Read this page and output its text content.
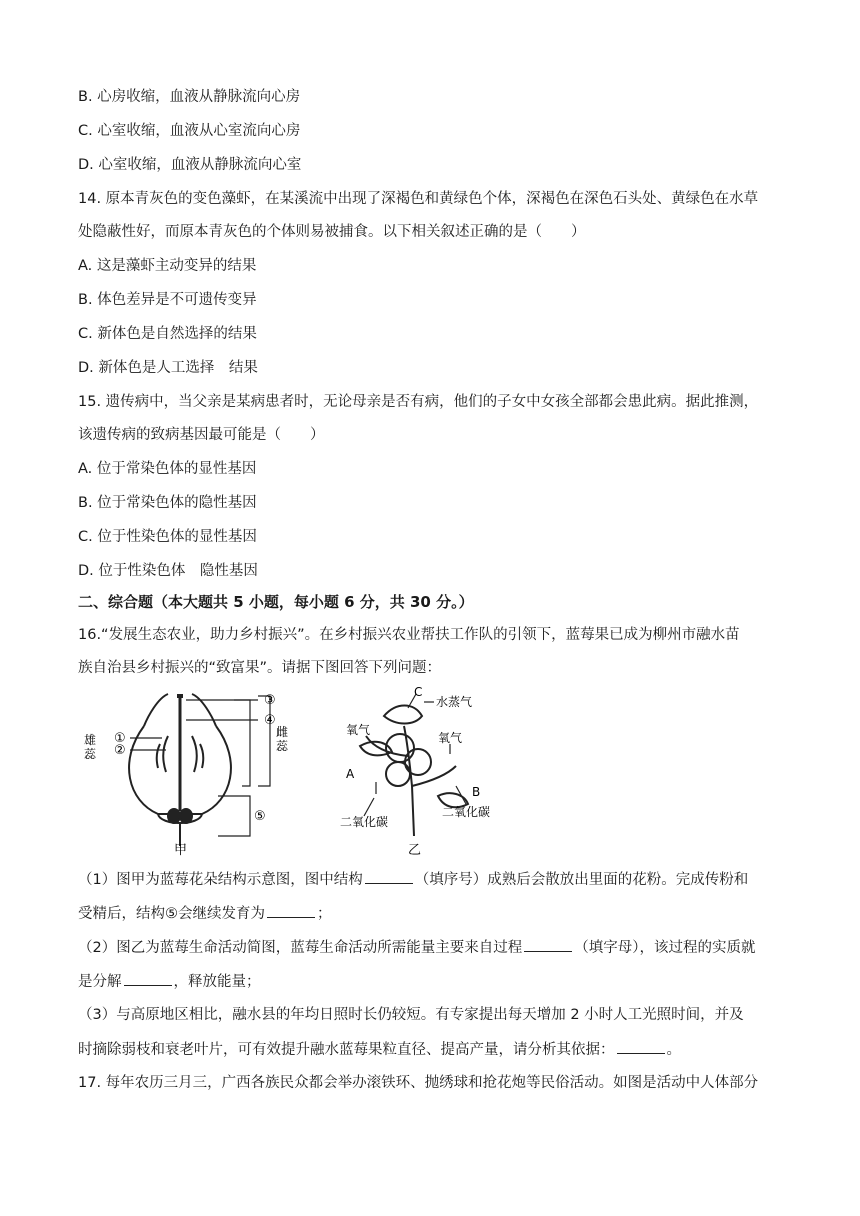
B. 心房收缩，血液从静脉流向心房
C. 心室收缩，血液从心室流向心房
D. 心室收缩，血液从静脉流向心室
14. 原本青灰色的变色藻虾，在某溪流中出现了深褐色和黄绿色个体，深褐色在深色石头处、黄绿色在水草
处隐蔽性好，而原本青灰色的个体则易被捕食。以下相关叙述正确的是（　　）
A. 这是藻虾主动变异的结果
B. 体色差异是不可遗传变异
C. 新体色是自然选择的结果
D. 新体色是人工选择　结果
15. 遗传病中，当父亲是某病患者时，无论母亲是否有病，他们的子女中女孩全部都会患此病。据此推测，
该遗传病的致病基因最可能是（　　）
A. 位于常染色体的显性基因
B. 位于常染色体的隐性基因
C. 位于性染色体的显性基因
D. 位于性染色体　隐性基因
二、综合题（本大题共 5 小题，每小题 6 分，共 30 分。）
16.“发展生态农业，助力乡村振兴”。在乡村振兴农业帮扶工作队的引领下，蓝莓果已成为柳州市融水苗
族自治县乡村振兴的“致富果”。请据下图回答下列问题：
③
④
⑤
①
②
雄
蕊
雌
蕊
甲
C
水蒸气
氧气
氧气
A
B
二氧化碳
二氧化碳
乙
（1）图甲为蓝莓花朵结构示意图，图中结构	（填序号）成熟后会散放出里面的花粉。完成传粉和
受精后，结构⑤会继续发育为	；
（2）图乙为蓝莓生命活动简图，蓝莓生命活动所需能量主要来自过程	（填字母），该过程的实质就
是分解	，释放能量；
（3）与高原地区相比，融水县的年均日照时长仍较短。有专家提出每天增加 2 小时人工光照时间，并及
时摘除弱枝和衰老叶片，可有效提升融水蓝莓果粒直径、提高产量，请分析其依据：	。
17. 每年农历三月三，广西各族民众都会举办滚铁环、抛绣球和抢花炮等民俗活动。如图是活动中人体部分
